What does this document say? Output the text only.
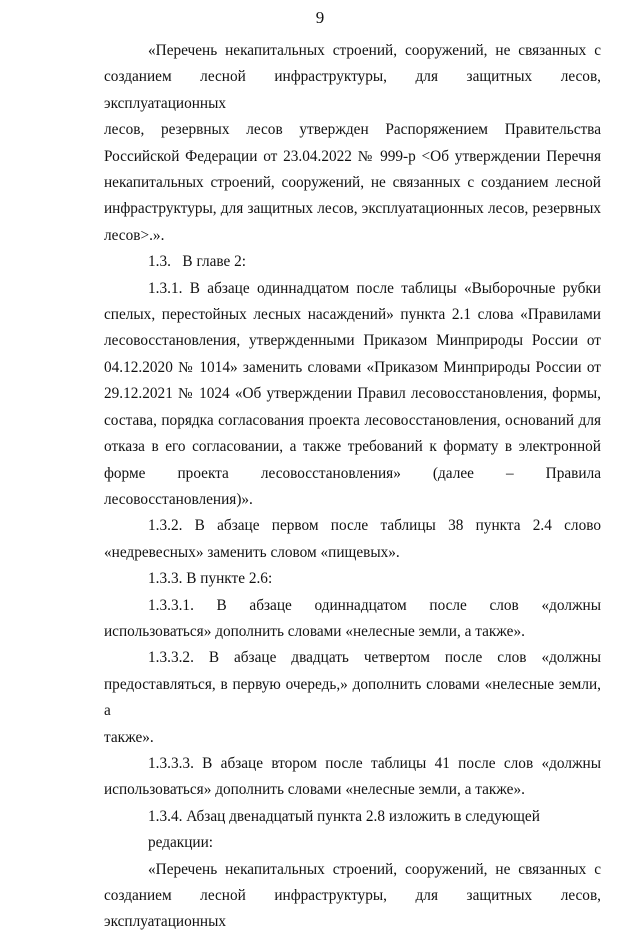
9
«Перечень некапитальных строений, сооружений, не связанных с
созданием лесной инфраструктуры, для защитных лесов, эксплуатационных
лесов, резервных лесов утвержден Распоряжением Правительства
Российской Федерации от 23.04.2022 № 999-р <Об утверждении Перечня
некапитальных строений, сооружений, не связанных с созданием лесной
инфраструктуры, для защитных лесов, эксплуатационных лесов, резервных
лесов>.».
1.3.   В главе 2:
1.3.1. В абзаце одиннадцатом после таблицы «Выборочные рубки
спелых, перестойных лесных насаждений» пункта 2.1 слова «Правилами
лесовосстановления, утвержденными Приказом Минприроды России от
04.12.2020 № 1014» заменить словами «Приказом Минприроды России от
29.12.2021 № 1024 «Об утверждении Правил лесовосстановления, формы,
состава, порядка согласования проекта лесовосстановления, оснований для
отказа в его согласовании, а также требований к формату в электронной
форме проекта лесовосстановления» (далее – Правила
лесовосстановления)».
1.3.2. В абзаце первом после таблицы 38 пункта 2.4 слово
«недревесных» заменить словом «пищевых».
1.3.3. В пункте 2.6:
1.3.3.1. В абзаце одиннадцатом после слов «должны
использоваться» дополнить словами «нелесные земли, а также».
1.3.3.2. В абзаце двадцать четвертом после слов «должны
предоставляться, в первую очередь,» дополнить словами «нелесные земли, а
также».
1.3.3.3. В абзаце втором после таблицы 41 после слов «должны
использоваться» дополнить словами «нелесные земли, а также».
1.3.4. Абзац двенадцатый пункта 2.8 изложить в следующей редакции:
«Перечень некапитальных строений, сооружений, не связанных с
созданием лесной инфраструктуры, для защитных лесов, эксплуатационных
